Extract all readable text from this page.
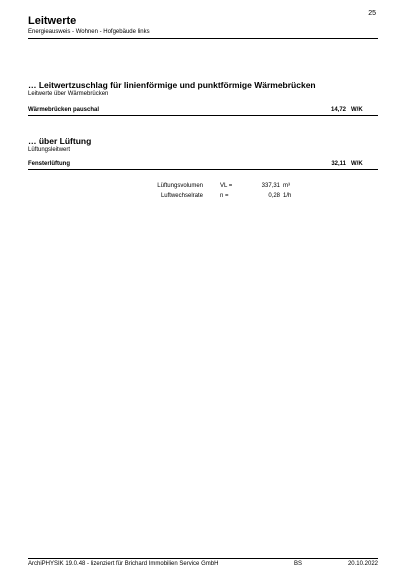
25
Leitwerte
Energieausweis - Wohnen - Hofgebäude links
… Leitwertzuschlag für linienförmige und punktförmige Wärmebrücken
Leitwerte über Wärmebrücken
Wärmebrücken pauschal	14,72 W/K
… über Lüftung
Lüftungsleitwert
Fensterlüftung	32,11 W/K
Lüftungsvolumen	VL =	337,31 m³
Luftwechselrate	n =	0,28 1/h
ArchiPHYSIK 19.0.48 - lizenziert für Brichard Immobilien Service GmbH	BS	20.10.2022
